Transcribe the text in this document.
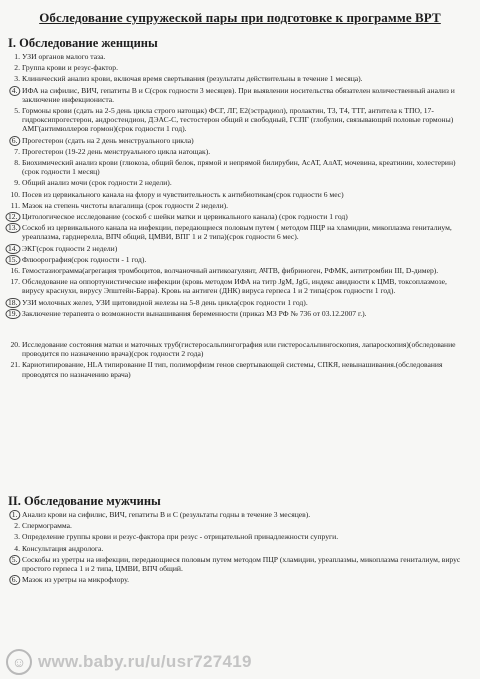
Обследование супружеской пары при подготовке к программе ВРТ
I. Обследование женщины
1. УЗИ органов малого таза.
2. Группа крови и резус-фактор.
3. Клинический анализ крови, включая время свертывания (результаты действительны в течение 1 месяца).
4. ИФА на сифилис, ВИЧ, гепатиты В и С(срок годности 3 месяцев). При выявлении носительства обязателен количественный анализ и заключение инфекциониста.
5. Гормоны крови (сдать на 2-5 день цикла строго натощак) ФСГ, ЛГ, Е2(эстрадиол), пролактин, Т3, Т4, ТТГ, антитела к ТПО, 17-гидроксипрогестерон, андростендион, ДЭАС-С, тестостерон общий и свободный, ГСПГ (глобулин, связывающий половые гормоны) АМГ(антимюллеров гормон)(срок годности 1 год).
6. Прогестерон (сдать на 2 день менструального цикла)
7. Прогестерон (19-22 день менструального цикла натощак).
8. Биохимический анализ крови (глюкоза, общий белок, прямой и непрямой билирубин, АсАТ, АлАТ, мочевина, креатинин, холестерин) (срок годности 1 месяц)
9. Общий анализ мочи (срок годности 2 недели).
10. Посев из цервикального канала на флору и чувствительность к антибиотикам(срок годности 6 мес)
11. Мазок на степень чистоты влагалища (срок годности 2 недели).
12. Цитологическое исследование (соскоб с шейки матки и цервикального канала) (срок годности 1 год)
13. Соскоб из цервикального канала на инфекции, передающиеся половым путем ( методом ПЦР на хламидии, микоплазма гениталиум, уреаплазма, гарднерелла, ВПЧ общий, ЦМВИ, ВПГ 1 и 2 типа)(срок годности 6 мес).
14. ЭКГ(срок годности 2 недели)
15. Флюорография(срок годности - 1 год).
16. Гемостазиограмма(агрегация тромбоцитов, волчаночный антикоагулянт, АЧТВ, фибриноген, РФМК, антитромбин III, D-димер).
17. Обследование на оппортунистические инфекции (кровь методом ИФА на титр JgM, JgG, индекс авидности к ЦМВ, токсоплазмозе, вирусу краснухи, вирусу Эпштейн-Барра). Кровь на антиген (ДНК) вируса герпеса 1 и 2 типа(срок годности 1 год).
18. УЗИ молочных желез, УЗИ щитовидной железы на 5-8 день цикла(срок годности 1 год).
19. Заключение терапевта о возможности вынашивания беременности (приказ МЗ РФ № 736 от 03.12.2007 г.).
20. Исследование состояния матки и маточных труб(гистеросальпингография или гистеросальпингоскопия, лапароскопия)(обследование проводится по назначению врача)(срок годности 2 года)
21. Кариотипирование, HLA типирование II тип, полиморфизм генов свертывающей системы, СПКЯ, невынашивания.(обследования проводятся по назначению врача)
II. Обследование мужчины
1. Анализ крови на сифилис, ВИЧ, гепатиты В и С (результаты годны в течение 3 месяцев).
2. Спермограмма.
3. Определение группы крови и резус-фактора при резус - отрицательной принадлежности супруги.
4. Консультация андролога.
5. Соскобы из уретры на инфекции, передающиеся половым путем методом ПЦР (хламидии, уреаплазмы, микоплазма гениталиум, вирус простого герпеса 1 и 2 типа, ЦМВИ, ВПЧ общий.
6. Мазок из уретры на микрофлору.
☺ www.baby.ru/u/usr727419
